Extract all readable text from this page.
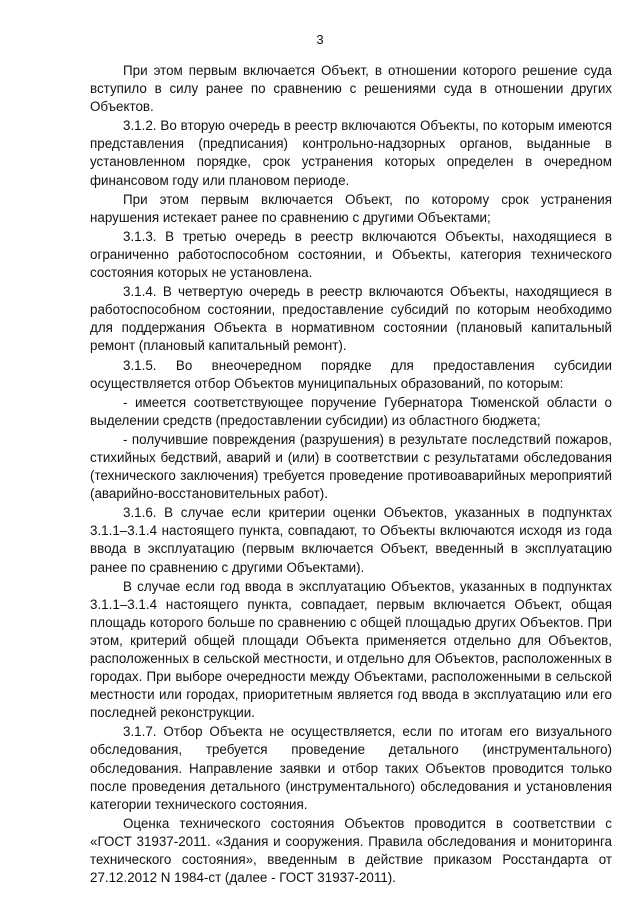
3

При этом первым включается Объект, в отношении которого решение суда вступило в силу ранее по сравнению с решениями суда в отношении других Объектов.

3.1.2. Во вторую очередь в реестр включаются Объекты, по которым имеются представления (предписания) контрольно-надзорных органов, выданные в установленном порядке, срок устранения которых определен в очередном финансовом году или плановом периоде.

При этом первым включается Объект, по которому срок устранения нарушения истекает ранее по сравнению с другими Объектами;

3.1.3. В третью очередь в реестр включаются Объекты, находящиеся в ограниченно работоспособном состоянии, и Объекты, категория технического состояния которых не установлена.

3.1.4. В четвертую очередь в реестр включаются Объекты, находящиеся в работоспособном состоянии, предоставление субсидий по которым необходимо для поддержания Объекта в нормативном состоянии (плановый капитальный ремонт (плановый капитальный ремонт).

3.1.5. Во внеочередном порядке для предоставления субсидии осуществляется отбор Объектов муниципальных образований, по которым:

- имеется соответствующее поручение Губернатора Тюменской области о выделении средств (предоставлении субсидии) из областного бюджета;

- получившие повреждения (разрушения) в результате последствий пожаров, стихийных бедствий, аварий и (или) в соответствии с результатами обследования (технического заключения) требуется проведение противоаварийных мероприятий (аварийно-восстановительных работ).

3.1.6. В случае если критерии оценки Объектов, указанных в подпунктах 3.1.1–3.1.4 настоящего пункта, совпадают, то Объекты включаются исходя из года ввода в эксплуатацию (первым включается Объект, введенный в эксплуатацию ранее по сравнению с другими Объектами).

В случае если год ввода в эксплуатацию Объектов, указанных в подпунктах 3.1.1–3.1.4 настоящего пункта, совпадает, первым включается Объект, общая площадь которого больше по сравнению с общей площадью других Объектов. При этом, критерий общей площади Объекта применяется отдельно для Объектов, расположенных в сельской местности, и отдельно для Объектов, расположенных в городах. При выборе очередности между Объектами, расположенными в сельской местности или городах, приоритетным является год ввода в эксплуатацию или его последней реконструкции.

3.1.7. Отбор Объекта не осуществляется, если по итогам его визуального обследования, требуется проведение детального (инструментального) обследования. Направление заявки и отбор таких Объектов проводится только после проведения детального (инструментального) обследования и установления категории технического состояния.

Оценка технического состояния Объектов проводится в соответствии с «ГОСТ 31937-2011. «Здания и сооружения. Правила обследования и мониторинга технического состояния», введенным в действие приказом Росстандарта от 27.12.2012 N 1984-ст (далее - ГОСТ 31937-2011).
